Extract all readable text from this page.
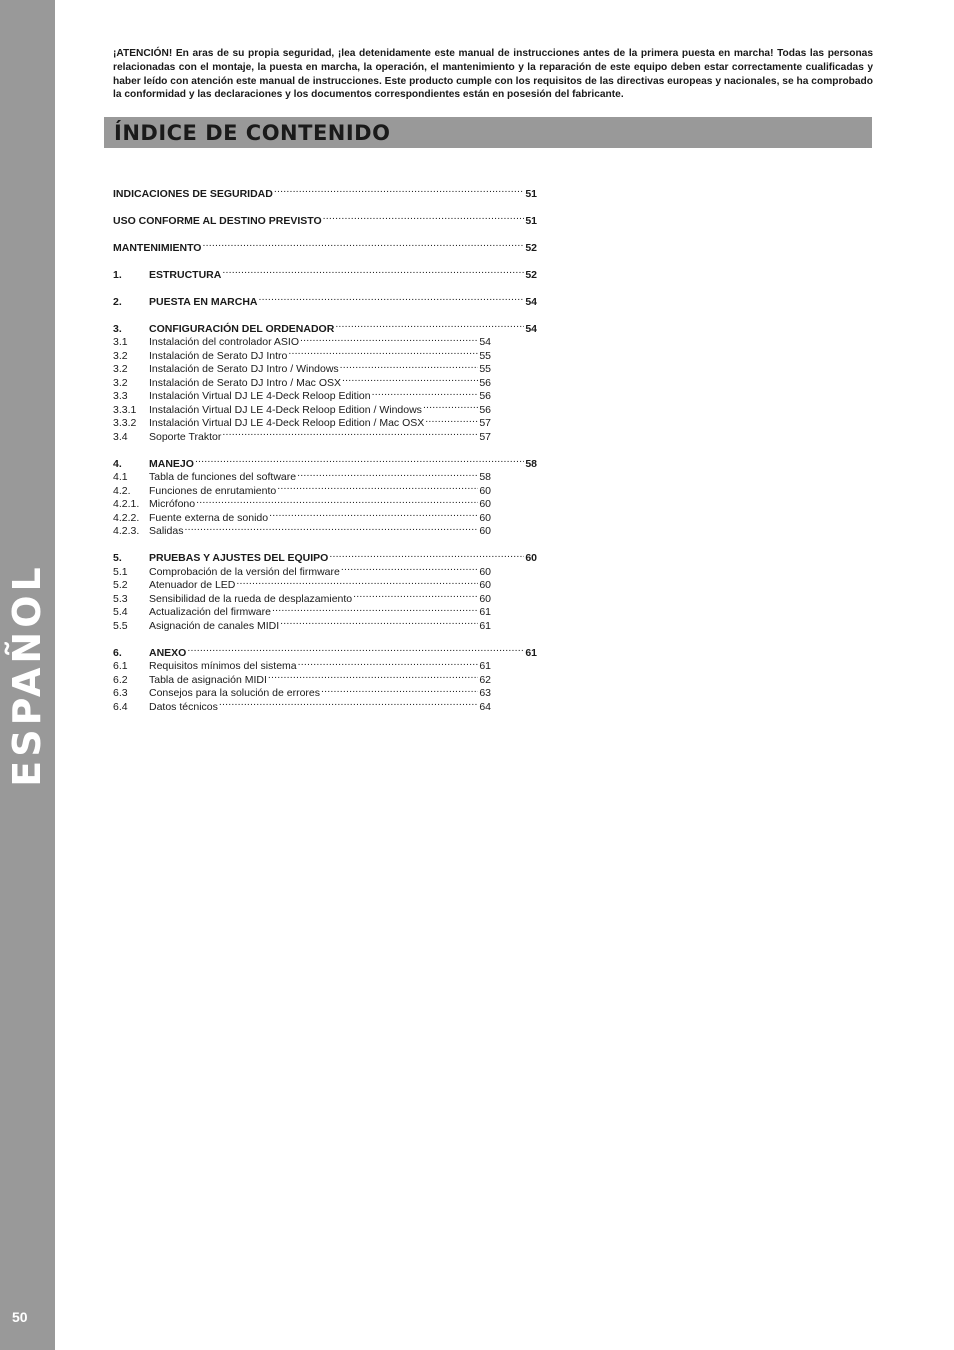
ESPAÑOL
50
¡ATENCIÓN! En aras de su propia seguridad, ¡lea detenidamente este manual de instrucciones antes de la primera puesta en marcha! Todas las personas relacionadas con el montaje, la puesta en marcha, la operación, el mantenimiento y la reparación de este equipo deben estar correctamente cualificadas y haber leído con atención este manual de instrucciones. Este producto cumple con los requisitos de las directivas europeas y nacionales, se ha comprobado la conformidad y las declaraciones y los documentos correspondientes están en posesión del fabricante.
ÍNDICE DE CONTENIDO
INDICACIONES DE SEGURIDAD .....	51
USO CONFORME AL DESTINO PREVISTO .....	51
MANTENIMIENTO .....	52
1.	ESTRUCTURA .....	52
2.	PUESTA EN MARCHA .....	54
3.	CONFIGURACIÓN DEL ORDENADOR .....	54
3.1	Instalación del controlador ASIO .....	54
3.2	Instalación de Serato DJ Intro .....	55
3.2	Instalación de Serato DJ Intro / Windows .....	55
3.2	Instalación de Serato DJ Intro / Mac OSX .....	56
3.3	Instalación Virtual DJ LE 4-Deck Reloop Edition .....	56
3.3.1	Instalación Virtual DJ LE 4-Deck Reloop Edition / Windows .....	56
3.3.2	Instalación Virtual DJ LE 4-Deck Reloop Edition / Mac OSX .....	57
3.4	Soporte Traktor .....	57
4.	MANEJO .....	58
4.1	Tabla de funciones del software .....	58
4.2.	Funciones de enrutamiento .....	60
4.2.1. Micrófono .....	60
4.2.2. Fuente externa de sonido .....	60
4.2.3. Salidas .....	60
5.	PRUEBAS Y AJUSTES DEL EQUIPO .....	60
5.1	Comprobación de la versión del firmware .....	60
5.2	Atenuador de LED .....	60
5.3	Sensibilidad de la rueda de desplazamiento .....	60
5.4	Actualización del firmware .....	61
5.5	Asignación de canales MIDI .....	61
6.	ANEXO .....	61
6.1	Requisitos mínimos del sistema .....	61
6.2	Tabla de asignación MIDI .....	62
6.3	Consejos para la solución de errores .....	63
6.4	Datos técnicos .....	64
